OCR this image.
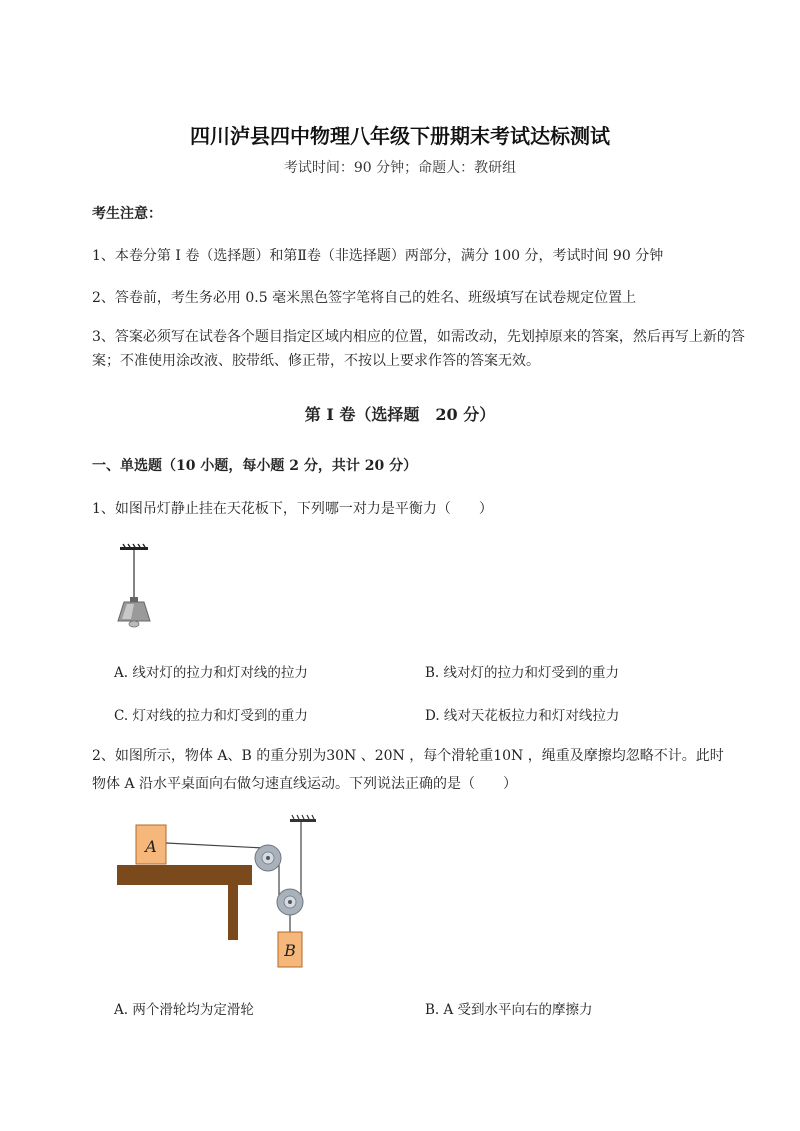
四川泸县四中物理八年级下册期末考试达标测试
考试时间：90 分钟；命题人：教研组
考生注意：
1、本卷分第 I 卷（选择题）和第Ⅱ卷（非选择题）两部分，满分 100 分，考试时间 90 分钟
2、答卷前，考生务必用 0.5 毫米黑色签字笔将自己的姓名、班级填写在试卷规定位置上
3、答案必须写在试卷各个题目指定区域内相应的位置，如需改动，先划掉原来的答案，然后再写上新的答案；不准使用涂改液、胶带纸、修正带，不按以上要求作答的答案无效。
第 I 卷（选择题　20 分）
一、单选题（10 小题，每小题 2 分，共计 20 分）
1、如图吊灯静止挂在天花板下，下列哪一对力是平衡力（　　）
A. 线对灯的拉力和灯对线的拉力	B. 线对灯的拉力和灯受到的重力
C. 灯对线的拉力和灯受到的重力	D. 线对天花板拉力和灯对线拉力
2、如图所示，物体 A、B 的重分别为30N 、20N ，每个滑轮重10N ，绳重及摩擦均忽略不计。此时
物体 A 沿水平桌面向右做匀速直线运动。下列说法正确的是（　　）
A
B
A. 两个滑轮均为定滑轮	B. A 受到水平向右的摩擦力
